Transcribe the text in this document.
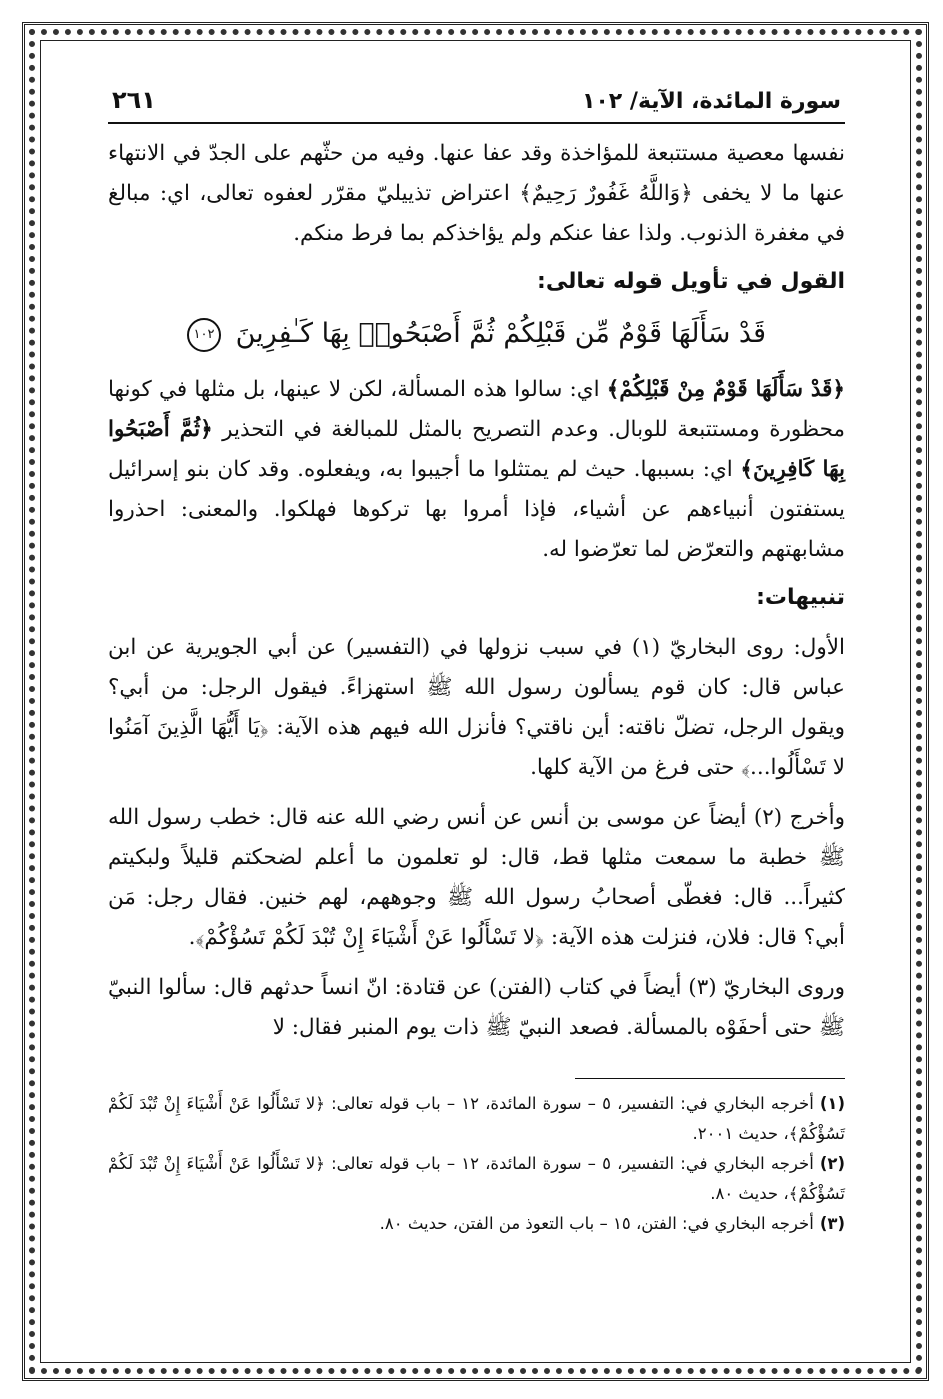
سورة المائدة، الآية/ ١٠٢
٢٦١

نفسها معصية مستتبعة للمؤاخذة وقد عفا عنها. وفيه من حثّهم على الجدّ في الانتهاء عنها ما لا يخفى ﴿وَاللَّهُ غَفُورٌ رَحِيمٌ﴾ اعتراض تذييليّ مقرّر لعفوه تعالى، اي: مبالغ في مغفرة الذنوب. ولذا عفا عنكم ولم يؤاخذكم بما فرط منكم.

القول في تأويل قوله تعالى:
قَدْ سَأَلَهَا قَوْمٌ مِّن قَبْلِكُمْ ثُمَّ أَصْبَحُوا۟ بِهَا كَـٰفِرِينَ ١٠٢

﴿قَدْ سَأَلَهَا قَوْمٌ مِنْ قَبْلِكُمْ﴾ اي: سالوا هذه المسألة، لكن لا عينها، بل مثلها في كونها محظورة ومستتبعة للوبال. وعدم التصريح بالمثل للمبالغة في التحذير ﴿ثُمَّ أَصْبَحُوا بِهَا كَافِرِينَ﴾ اي: بسببها. حيث لم يمتثلوا ما أجيبوا به، ويفعلوه. وقد كان بنو إسرائيل يستفتون أنبياءهم عن أشياء، فإذا أمروا بها تركوها فهلكوا. والمعنى: احذروا مشابهتهم والتعرّض لما تعرّضوا له.

تنبيهات:

الأول: روى البخاريّ (١) في سبب نزولها في (التفسير) عن أبي الجويرية عن ابن عباس قال: كان قوم يسألون رسول الله ﷺ استهزاءً. فيقول الرجل: من أبي؟ ويقول الرجل، تضلّ ناقته: أين ناقتي؟ فأنزل الله فيهم هذه الآية: ﴿يَا أَيُّهَا الَّذِينَ آمَنُوا لا تَسْأَلُوا...﴾ حتى فرغ من الآية كلها.

وأخرج (٢) أيضاً عن موسى بن أنس عن أنس رضي الله عنه قال: خطب رسول الله ﷺ خطبة ما سمعت مثلها قط، قال: لو تعلمون ما أعلم لضحكتم قليلاً ولبكيتم كثيراً... قال: فغطّى أصحابُ رسول الله ﷺ وجوههم، لهم خنين. فقال رجل: مَن أبي؟ قال: فلان، فنزلت هذه الآية: ﴿لا تَسْأَلُوا عَنْ أَشْيَاءَ إِنْ تُبْدَ لَكُمْ تَسُؤْكُمْ﴾.

وروى البخاريّ (٣) أيضاً في كتاب (الفتن) عن قتادة: انّ انساً حدثهم قال: سألوا النبيّ ﷺ حتى أحفَوْه بالمسألة. فصعد النبيّ ﷺ ذات يوم المنبر فقال: لا

(١)أخرجه البخاري في: التفسير، ٥ – سورة المائدة، ١٢ – باب قوله تعالى: ﴿لا تَسْأَلُوا عَنْ أَشْيَاءَ إِنْ تُبْدَ لَكُمْ تَسُؤْكُمْ﴾، حديث ٢٠٠١.
(٢)أخرجه البخاري في: التفسير، ٥ – سورة المائدة، ١٢ – باب قوله تعالى: ﴿لا تَسْأَلُوا عَنْ أَشْيَاءَ إِنْ تُبْدَ لَكُمْ تَسُؤْكُمْ﴾، حديث ٨٠.
(٣)أخرجه البخاري في: الفتن، ١٥ – باب التعوذ من الفتن، حديث ٨٠.
